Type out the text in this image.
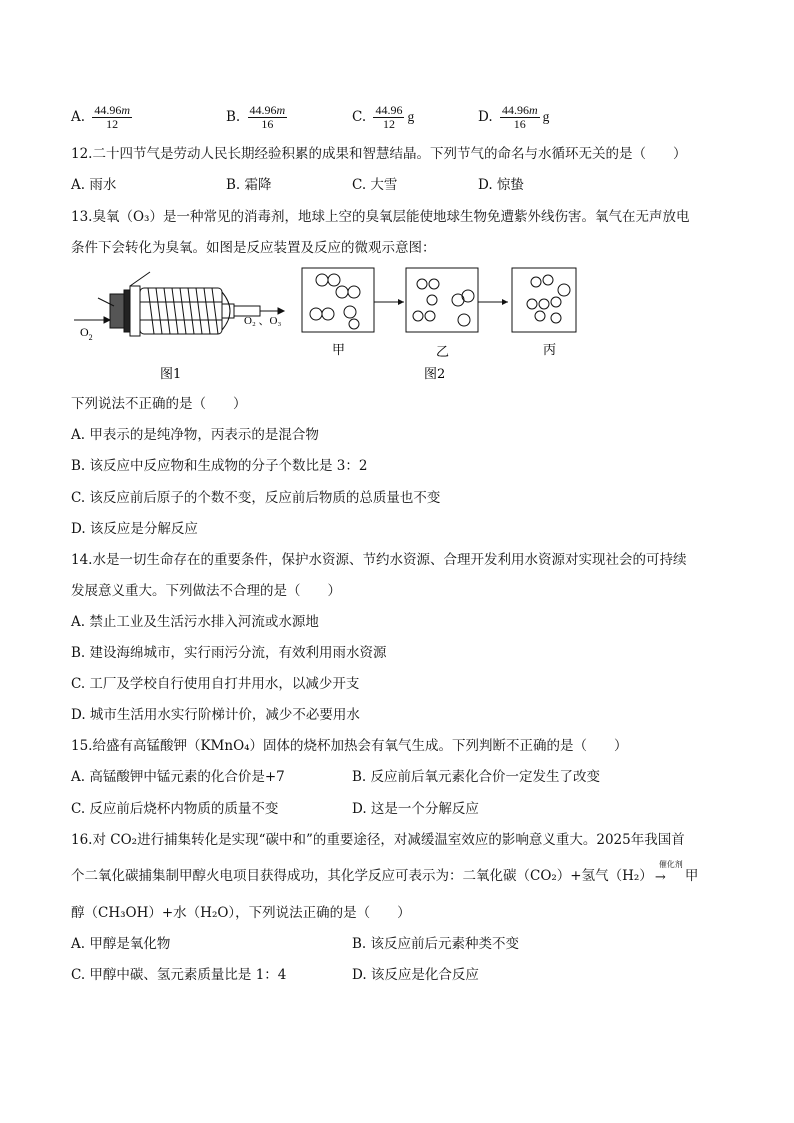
A. $\frac{44.96m}{12}$	B. $\frac{44.96m}{16}$	C. $\frac{44.96}{12}$ g	D. $\frac{44.96m}{16}$ g
12.二十四节气是劳动人民长期经验积累的成果和智慧结晶。下列节气的命名与水循环无关的是（　　）
A. 雨水	B. 霜降	C. 大雪	D. 惊蛰
13.臭氧（O₃）是一种常见的消毒剂，地球上空的臭氧层能使地球生物免遭紫外线伤害。氧气在无声放电
条件下会转化为臭氧。如图是反应装置及反应的微观示意图：
$O_2$
O₂ 、O₃
甲	乙	丙
图1	图2
下列说法不正确的是（　　）
A. 甲表示的是纯净物，丙表示的是混合物
B. 该反应中反应物和生成物的分子个数比是 3：2
C. 该反应前后原子的个数不变，反应前后物质的总质量也不变
D. 该反应是分解反应
14.水是一切生命存在的重要条件，保护水资源、节约水资源、合理开发利用水资源对实现社会的可持续
发展意义重大。下列做法不合理的是（　　）
A. 禁止工业及生活污水排入河流或水源地
B. 建设海绵城市，实行雨污分流，有效利用雨水资源
C. 工厂及学校自行使用自打井用水，以减少开支
D. 城市生活用水实行阶梯计价，减少不必要用水
15.给盛有高锰酸钾（KMnO₄）固体的烧杯加热会有氧气生成。下列判断不正确的是（　　）
A. 高锰酸钾中锰元素的化合价是+7	B. 反应前后氧元素化合价一定发生了改变
C. 反应前后烧杯内物质的质量不变	D. 这是一个分解反应
16.对 CO₂进行捕集转化是实现“碳中和”的重要途径，对减缓温室效应的影响意义重大。2025年我国首
个二氧化碳捕集制甲醇火电项目获得成功，其化学反应可表示为：二氧化碳（CO₂）+氢气（H₂）
催化剂
→ 甲
醇（CH₃OH）+水（H₂O），下列说法正确的是（　　）
A. 甲醇是氧化物	B. 该反应前后元素种类不变
C. 甲醇中碳、氢元素质量比是 1：4	D. 该反应是化合反应
